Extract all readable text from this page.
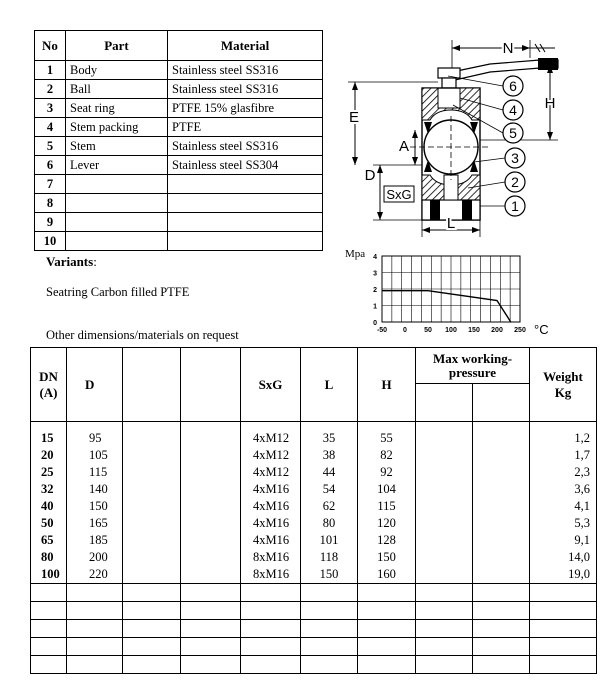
No	Part	Material
1	Body	Stainless steel SS316
2	Ball	Stainless steel SS316
3	Seat ring	PTFE 15% glasfibre
4	Stem packing	PTFE
5	Stem	Stainless steel SS316
6	Lever	Stainless steel SS304
7		
8		
9		
10		
Variants:
Seatring Carbon filled PTFE
Other dimensions/materials on request
N
E
H
A
D
SxG
L
6
4
5
3
2
1
Mpa
0
1
2
3
4
-50 0 50 100 150 200 250 °C
DN
(A)	D			SxG	L	H	Max working-
pressure		Weight
Kg

15	95			4xM12	35	55			1,2
20	105			4xM12	38	82			1,7
25	115			4xM12	44	92			2,3
32	140			4xM16	54	104			3,6
40	150			4xM16	62	115			4,1
50	165			4xM16	80	120			5,3
65	185			4xM16	101	128			9,1
80	200			8xM16	118	150			14,0
100	220			8xM16	150	160			19,0
